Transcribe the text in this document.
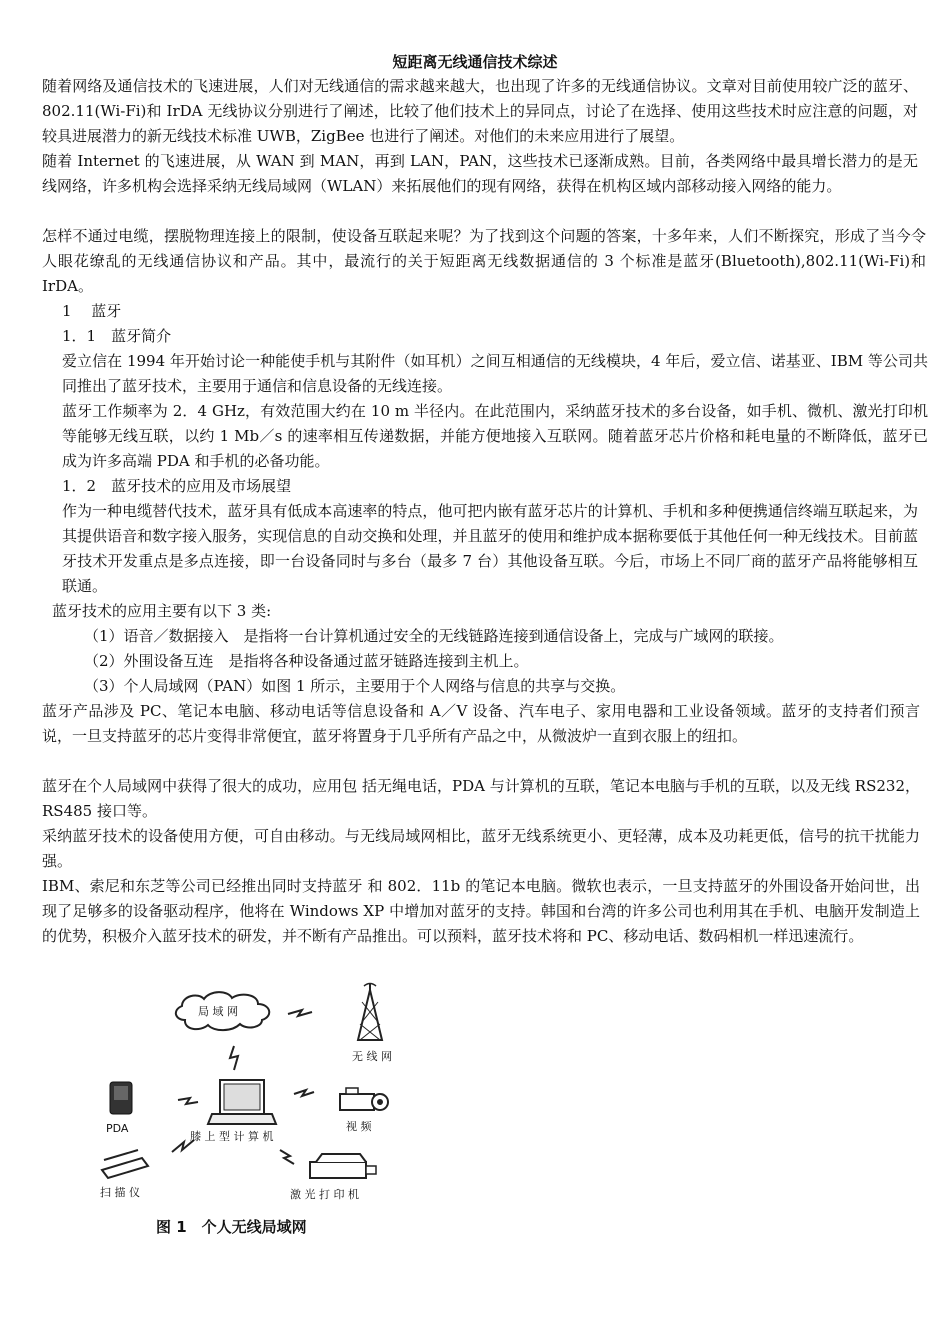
短距离无线通信技术综述
随着网络及通信技术的飞速进展，人们对无线通信的需求越来越大，也出现了许多的无线通信协议。文章对目前使用较广泛的蓝牙、802.11(Wi-Fi)和 IrDA 无线协议分别进行了阐述，比较了他们技术上的异同点，讨论了在选择、使用这些技术时应注意的问题，对较具进展潜力的新无线技术标准 UWB，ZigBee 也进行了阐述。对他们的未来应用进行了展望。
随着 Internet 的飞速进展，从 WAN 到 MAN，再到 LAN，PAN，这些技术已逐渐成熟。目前，各类网络中最具增长潜力的是无线网络，许多机构会选择采纳无线局域网（WLAN）来拓展他们的现有网络，获得在机构区域内部移动接入网络的能力。
怎样不通过电缆，摆脱物理连接上的限制，使设备互联起来呢？为了找到这个问题的答案，十多年来，人们不断探究，形成了当今令人眼花缭乱的无线通信协议和产品。其中，最流行的关于短距离无线数据通信的 3 个标准是蓝牙(Bluetooth),802.11(Wi-Fi)和 IrDA。
1　 蓝牙
1．1　蓝牙简介
爱立信在 1994 年开始讨论一种能使手机与其附件（如耳机）之间互相通信的无线模块，4 年后，爱立信、诺基亚、IBM 等公司共同推出了蓝牙技术，主要用于通信和信息设备的无线连接。
蓝牙工作频率为 2．4 GHz，有效范围大约在 10 m 半径内。在此范围内，采纳蓝牙技术的多台设备，如手机、微机、激光打印机等能够无线互联，以约 1 Mb／s 的速率相互传递数据，并能方便地接入互联网。随着蓝牙芯片价格和耗电量的不断降低，蓝牙已成为许多高端 PDA 和手机的必备功能。
1．2　蓝牙技术的应用及市场展望
作为一种电缆替代技术，蓝牙具有低成本高速率的特点，他可把内嵌有蓝牙芯片的计算机、手机和多种便携通信终端互联起来，为其提供语音和数字接入服务，实现信息的自动交换和处理，并且蓝牙的使用和维护成本据称要低于其他任何一种无线技术。目前蓝牙技术开发重点是多点连接，即一台设备同时与多台（最多 7 台）其他设备互联。今后，市场上不同厂商的蓝牙产品将能够相互联通。
蓝牙技术的应用主要有以下 3 类:
（1）语音／数据接入　是指将一台计算机通过安全的无线链路连接到通信设备上，完成与广域网的联接。
（2）外围设备互连　是指将各种设备通过蓝牙链路连接到主机上。
（3）个人局域网（PAN）如图 1 所示，主要用于个人网络与信息的共享与交换。
蓝牙产品涉及 PC、笔记本电脑、移动电话等信息设备和 A／V 设备、汽车电子、家用电器和工业设备领域。蓝牙的支持者们预言说，一旦支持蓝牙的芯片变得非常便宜，蓝牙将置身于几乎所有产品之中，从微波炉一直到衣服上的纽扣。
蓝牙在个人局域网中获得了很大的成功，应用包 括无绳电话，PDA 与计算机的互联，笔记本电脑与手机的互联，以及无线 RS232，RS485 接口等。
采纳蓝牙技术的设备使用方便，可自由移动。与无线局域网相比，蓝牙无线系统更小、更轻薄，成本及功耗更低，信号的抗干扰能力强。
IBM、索尼和东芝等公司已经推出同时支持蓝牙 和 802．11b 的笔记本电脑。微软也表示，一旦支持蓝牙的外围设备开始问世，出现了足够多的设备驱动程序，他将在 Windows XP 中增加对蓝牙的支持。韩国和台湾的许多公司也利用其在手机、电脑开发制造上的优势，积极介入蓝牙技术的研发，并不断有产品推出。可以预料，蓝牙技术将和 PC、移动电话、数码相机一样迅速流行。
局 域 网
无 线 网
PDA
膝 上 型 计 算 机
视 频
扫 描 仪	激 光 打 印 机
图 1　个人无线局域网
